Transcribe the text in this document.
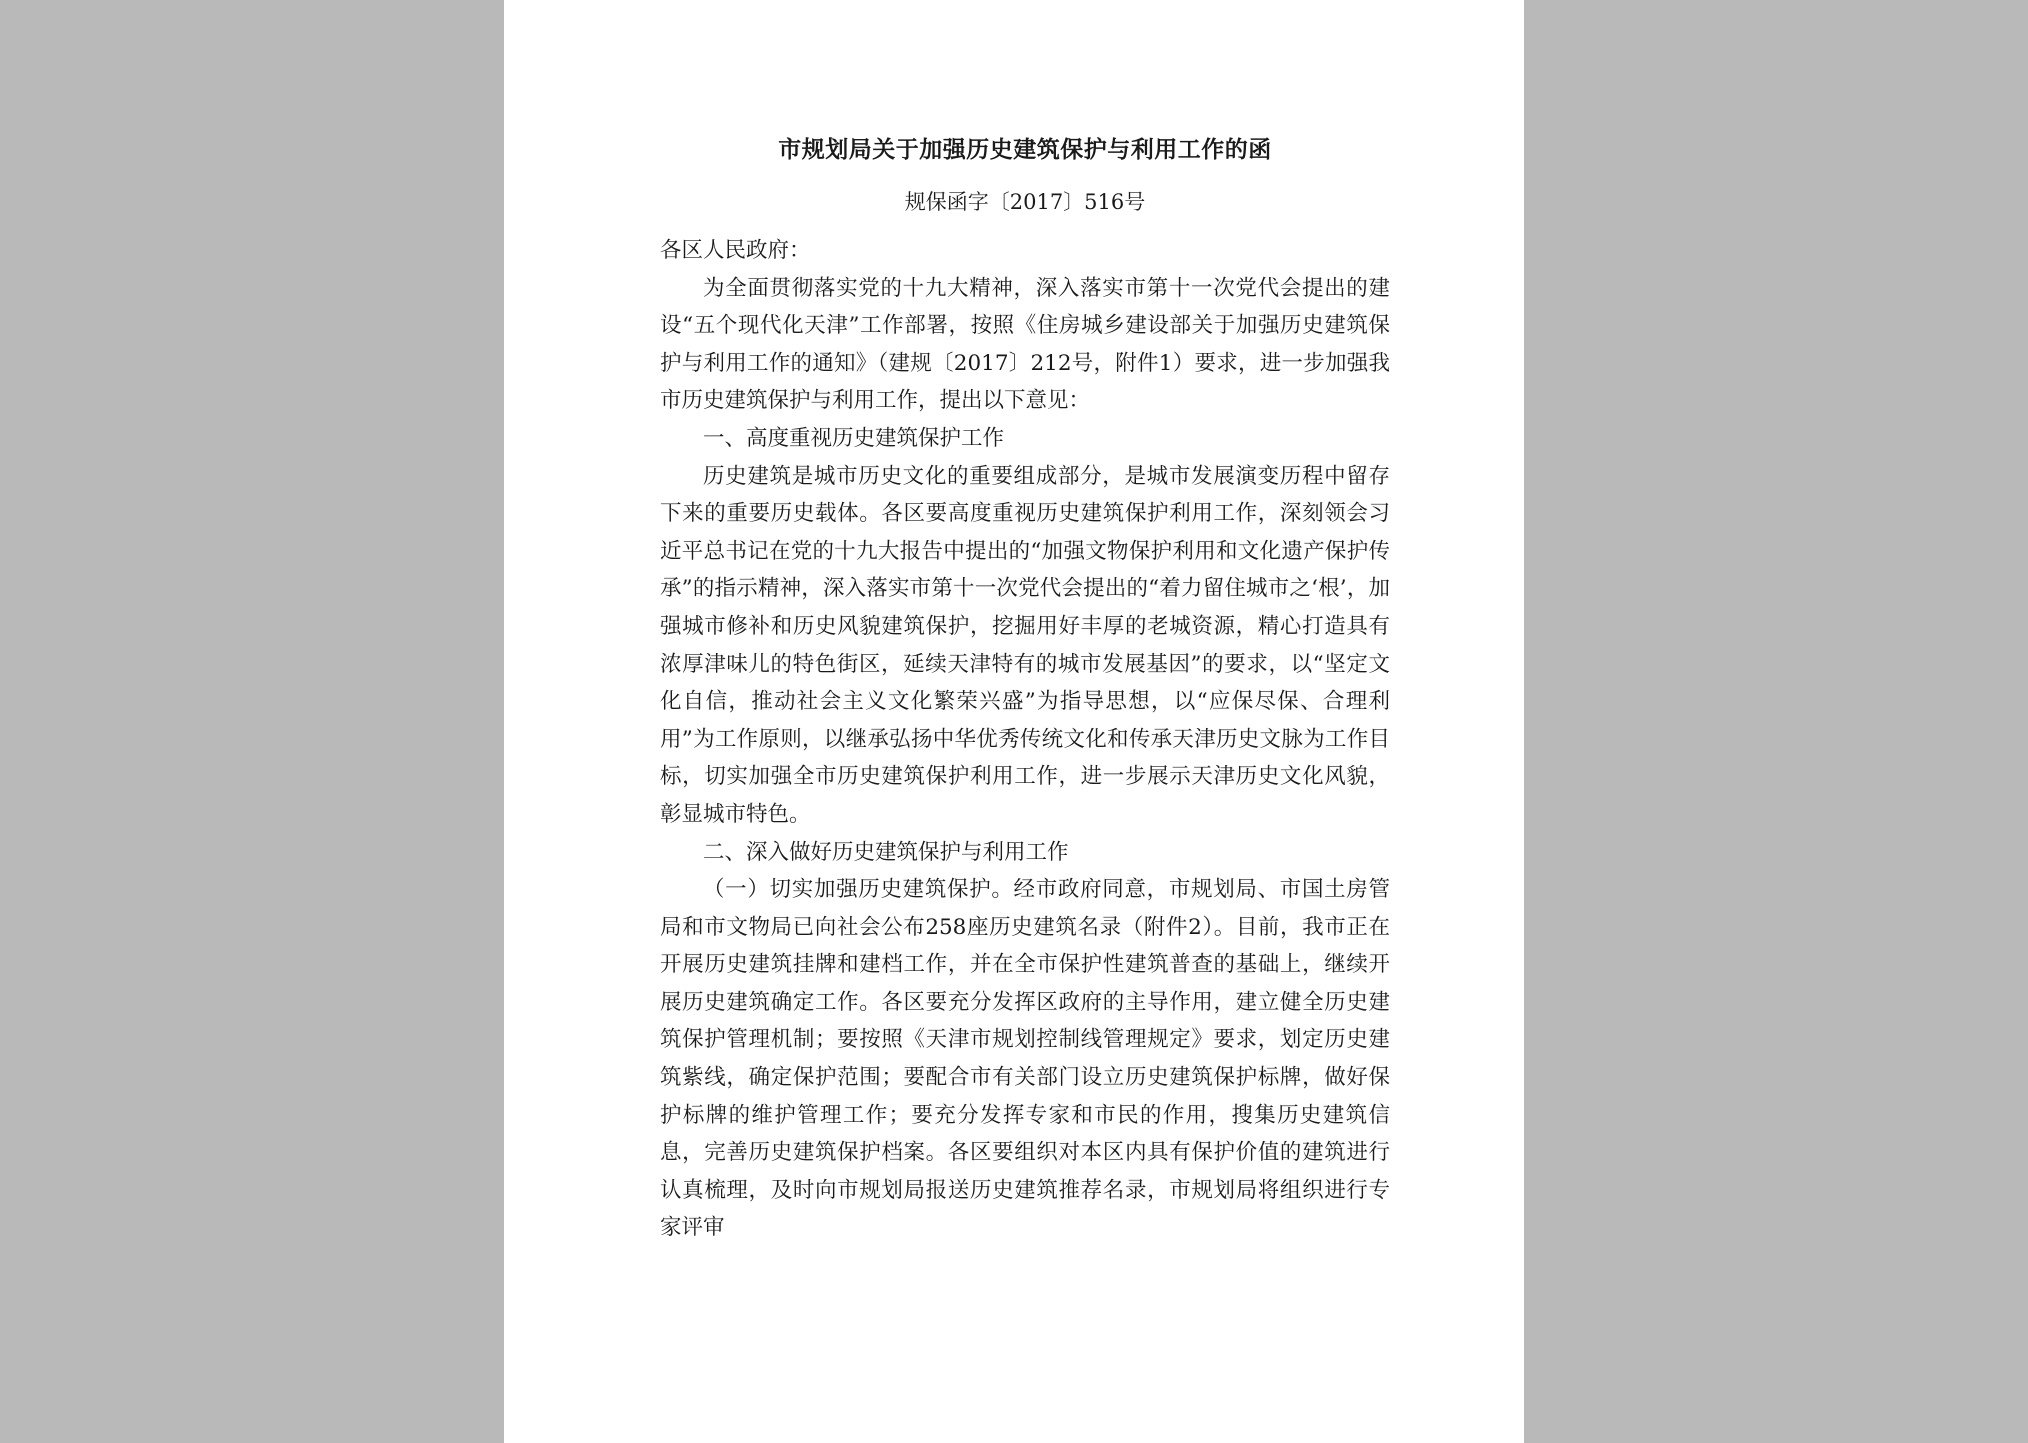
市规划局关于加强历史建筑保护与利用工作的函
规保函字〔2017〕516号

各区人民政府：

为全面贯彻落实党的十九大精神，深入落实市第十一次党代会提出的建设“五个现代化天津”工作部署，按照《住房城乡建设部关于加强历史建筑保护与利用工作的通知》（建规〔2017〕212号，附件1）要求，进一步加强我市历史建筑保护与利用工作，提出以下意见：

一、高度重视历史建筑保护工作

历史建筑是城市历史文化的重要组成部分，是城市发展演变历程中留存下来的重要历史载体。各区要高度重视历史建筑保护利用工作，深刻领会习近平总书记在党的十九大报告中提出的“加强文物保护利用和文化遗产保护传承”的指示精神，深入落实市第十一次党代会提出的“着力留住城市之‘根’，加强城市修补和历史风貌建筑保护，挖掘用好丰厚的老城资源，精心打造具有浓厚津味儿的特色街区，延续天津特有的城市发展基因”的要求，以“坚定文化自信，推动社会主义文化繁荣兴盛”为指导思想，以“应保尽保、合理利用”为工作原则，以继承弘扬中华优秀传统文化和传承天津历史文脉为工作目标，切实加强全市历史建筑保护利用工作，进一步展示天津历史文化风貌，彰显城市特色。

二、深入做好历史建筑保护与利用工作

（一）切实加强历史建筑保护。经市政府同意，市规划局、市国土房管局和市文物局已向社会公布258座历史建筑名录（附件2）。目前，我市正在开展历史建筑挂牌和建档工作，并在全市保护性建筑普查的基础上，继续开展历史建筑确定工作。各区要充分发挥区政府的主导作用，建立健全历史建筑保护管理机制；要按照《天津市规划控制线管理规定》要求，划定历史建筑紫线，确定保护范围；要配合市有关部门设立历史建筑保护标牌，做好保护标牌的维护管理工作；要充分发挥专家和市民的作用，搜集历史建筑信息，完善历史建筑保护档案。各区要组织对本区内具有保护价值的建筑进行认真梳理，及时向市规划局报送历史建筑推荐名录，市规划局将组织进行专家评审
